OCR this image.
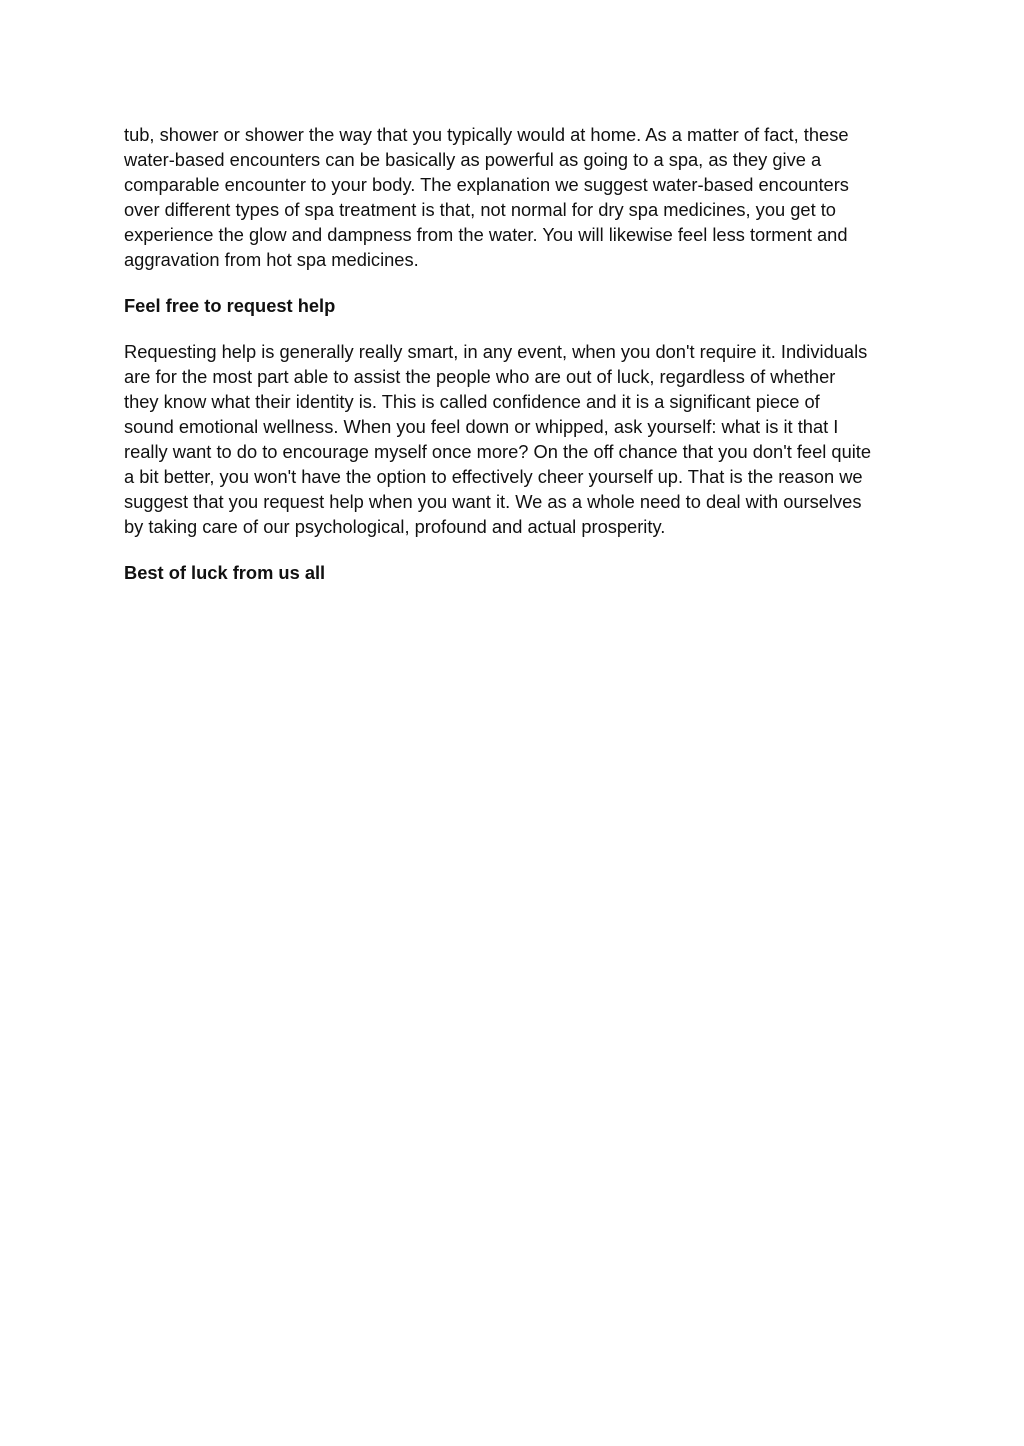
tub, shower or shower the way that you typically would at home. As a matter of fact, these
water-based encounters can be basically as powerful as going to a spa, as they give a
comparable encounter to your body. The explanation we suggest water-based encounters
over different types of spa treatment is that, not normal for dry spa medicines, you get to
experience the glow and dampness from the water. You will likewise feel less torment and
aggravation from hot spa medicines.

Feel free to request help

Requesting help is generally really smart, in any event, when you don't require it. Individuals
are for the most part able to assist the people who are out of luck, regardless of whether
they know what their identity is. This is called confidence and it is a significant piece of
sound emotional wellness. When you feel down or whipped, ask yourself: what is it that I
really want to do to encourage myself once more? On the off chance that you don't feel quite
a bit better, you won't have the option to effectively cheer yourself up. That is the reason we
suggest that you request help when you want it. We as a whole need to deal with ourselves
by taking care of our psychological, profound and actual prosperity.

Best of luck from us all
